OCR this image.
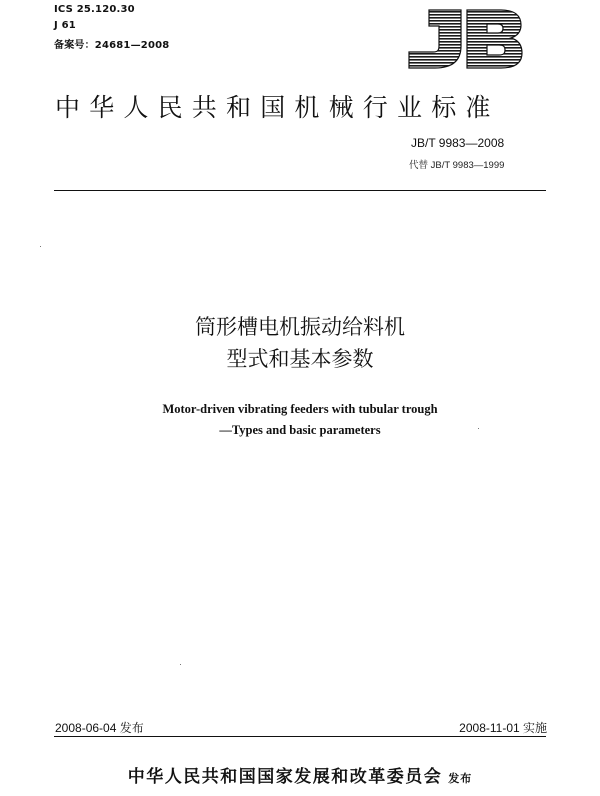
ICS 25.120.30
J 61
备案号：24681—2008
中华人民共和国机械行业标准
JB/T 9983—2008
代替 JB/T 9983—1999
筒形槽电机振动给料机
型式和基本参数
Motor-driven vibrating feeders with tubular trough
—Types and basic parameters
2008-06-04 发布	2008-11-01 实施
中华人民共和国国家发展和改革委员会 发布
